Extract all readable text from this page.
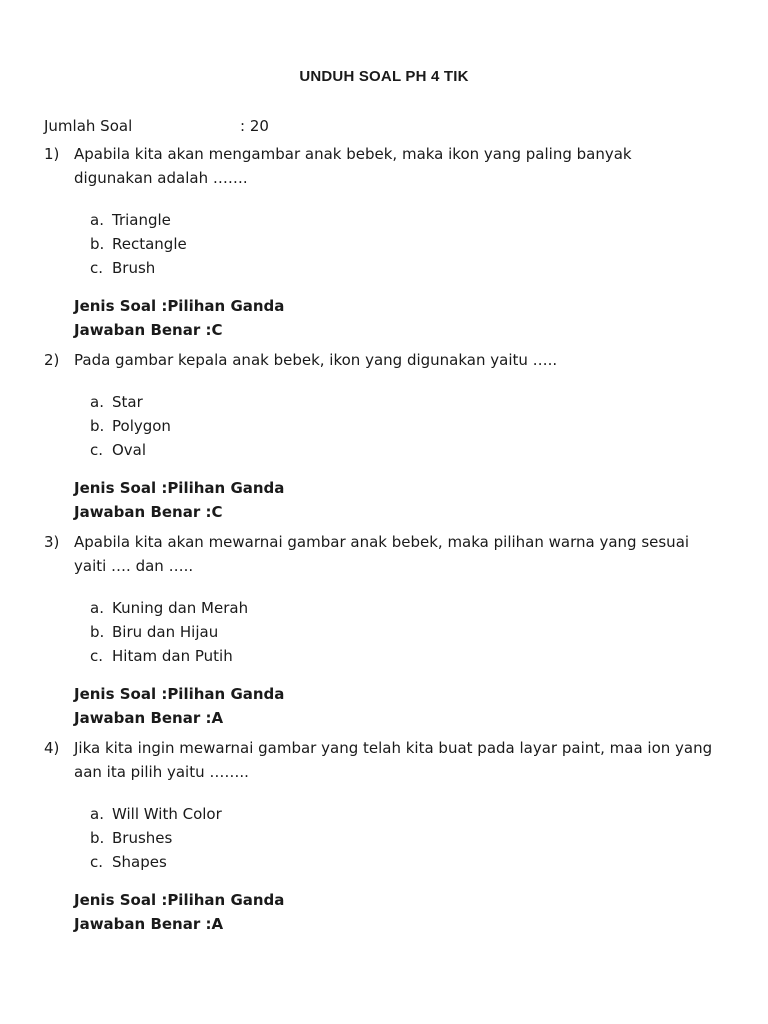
UNDUH SOAL PH 4 TIK
Jumlah Soal	: 20
1) Apabila kita akan mengambar anak bebek, maka ikon yang paling banyak
digunakan adalah …….
a. Triangle
b. Rectangle
c. Brush
Jenis Soal :Pilihan Ganda
Jawaban Benar :C
2) Pada gambar kepala anak bebek, ikon yang digunakan yaitu …..
a. Star
b. Polygon
c. Oval
Jenis Soal :Pilihan Ganda
Jawaban Benar :C
3) Apabila kita akan mewarnai gambar anak bebek, maka pilihan warna yang sesuai
yaiti …. dan …..
a. Kuning dan Merah
b. Biru dan Hijau
c. Hitam dan Putih
Jenis Soal :Pilihan Ganda
Jawaban Benar :A
4) Jika kita ingin mewarnai gambar yang telah kita buat pada layar paint, maa ion yang
aan ita pilih yaitu ……..
a. Will With Color
b. Brushes
c. Shapes
Jenis Soal :Pilihan Ganda
Jawaban Benar :A
